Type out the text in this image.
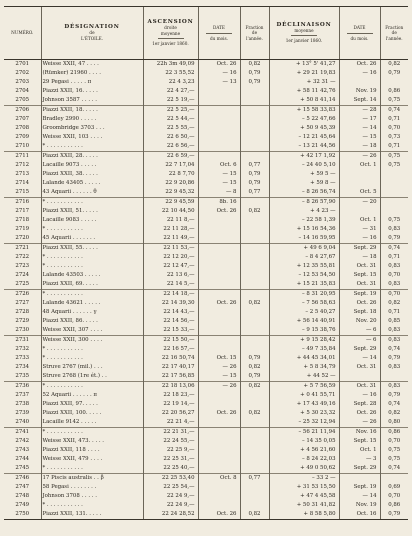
NUMÉRO.	DÉSIGNATION
de
L'ÉTOILE.	ASCENSION
droite
moyenne
1er janvier 1860.	DATE
du mois.	Fraction
de
l'année.	DÉCLINAISON
moyenne
1er janvier 1860.	DATE
du mois.	Fraction
de
l'année.

2701	Weisse XXII, 47 . . . .	22h 3m 49,09	Oct. 26	0,82	+ 13° 5' 41,27	Oct. 26	0,82
2702	(Rümker) 21960 . . . .	22 3 55,52	— 16	0,79	+ 29 21 19,83	— 16	0,79
2703	29 Pegasi . . . . . π	22 4 3,23	— 13	0,79	+ 32 31 —		
2704	Piazzi XXII, 16. . . . .	22 4 27,—			+ 58 11 42,76	Nov. 19	0,86
2705	Johnson 3587 . . . . .	22 5 19,—			+ 50 8 41,14	Sept. 14	0,75
2706	Piazzi XXII, 18. . . . .	22 5 25,—			+ 15 58 33,83	— 28	0,74
2707	Bradley 2990 . . . . .	22 5 44,—			– 5 22 47,66	— 17	0,71
2708	Groombridge 3703 . . .	22 5 55,—			+ 50 9 45,39	— 14	0,70
2709	Weisse XXII, 103 . . . .	22 6 50,—			– 12 21 45,64	— 15	0,73
2710	* . . . . . . . . . . .	22 6 56,—			– 13 21 44,56	— 18	0,71
2711	Piazzi XXII, 28. . . . .	22 6 59,—			+ 42 17 1,92	— 26	0,75
2712	Lacaille 9073 . . . . .	22 7 17,04	Oct. 6	0,77	– 24 40 5,10	Oct. 1	0,75
2713	Piazzi XXII, 38. . . . .	22 8 7,70	— 15	0,79	+ 59 5 —		
2714	Lalande 43405 . . . . .	22 9 20,86	— 15	0,79	+ 59 8 —		
2715	43 Aquarii . . . . . . θ	22 9 45,32	— 8	0,77	– 8 26 56,74	Oct. 5	
2716	* . . . . . . . . . . .	22 9 45,59	8b. 16		– 8 26 57,90	— 20	
2717	Piazzi XXII, 51. . . . .	22 10 44,50	Oct. 26	0,82	+ 4 23 —		
2718	Lacaille 9083 . . . . .	22 11 8,—			– 22 58 1,39	Oct. 1	0,75
2719	* . . . . . . . . . . .	22 11 28,—			+ 15 16 54,36	— 31	0,83
2720	45 Aquarii . . . . . . .	22 11 49,—			– 14 16 59,95	— 16	0,79
2721	Piazzi XXII, 55. . . . .	22 11 53,—			+ 49 6 9,04	Sept. 29	0,74
2722	* . . . . . . . . . . .	22 12 20,—			– 8 4 27,67	— 18	0,71
2723	* . . . . . . . . . . .	22 12 47,—			+ 12 35 55,81	Oct. 31	0,83
2724	Lalande 43503 . . . . .	22 13 6,—			– 12 53 54,50	Sept. 15	0,70
2725	Piazzi XXII, 69. . . . .	22 14 5,—			+ 15 21 35,83	Oct. 31	0,83
2726	* . . . . . . . . . . .	22 14 18,—			– 8 31 20,95	Sept. 19	0,70
2727	Lalande 43621 . . . . .	22 14 39,30	Oct. 26	0,82	– 7 56 58,63	Oct. 26	0,82
2728	48 Aquarii . . . . . . γ	22 14 43,—			– 2 5 40,27	Sept. 18	0,71
2729	Piazzi XXII, 86. . . . .	22 14 56,—			+ 56 14 40,91	Nov. 20	0,85
2730	Weisse XXII, 307 . . . .	22 15 33,—			– 9 15 38,76	— 6	0,83
2731	Weisse XXII, 300 . . . .	22 15 50,—			+ 9 15 28,42	— 6	0,83
2732	* . . . . . . . . . . .	22 16 57,—			– 49 7 35,84	Sept. 29	0,74
2733	* . . . . . . . . . . .	22 16 50,74	Oct. 15	0,79	+ 44 45 34,01	— 14	0,79
2734	Struve 2767 (mil.) . . .	22 17 40,17	— 26	0,82	+ 5 8 34,79	Oct. 31	0,83
2735	Struve 2768 (1re ét.) . .	22 17 56,85	— 15	0,79	+ 44 52 —		
2736	* . . . . . . . . . . .	22 18 13,06	— 26	0,82	+ 5 7 56,59	Oct. 31	0,83
2737	52 Aquarii . . . . . . π	22 18 23,—			+ 0 41 55,71	— 16	0,79
2738	Piazzi XXII, 97. . . . .	22 19 14,—			+ 17 43 49,16	Sept. 28	0,74
2739	Piazzi XXII, 100. . . . .	22 20 56,27	Oct. 26	0,82	+ 5 30 23,32	Oct. 26	0,82
2740	Lacaille 9142 . . . . .	22 21 4,—			– 25 32 12,94	— 26	0,80
2741	* . . . . . . . . . . .	22 21 31,—			– 56 21 11,94	Nov. 16	0,86
2742	Weisse XXII, 473. . . . .	22 24 55,—			– 14 35 0,05	Sept. 15	0,70
2743	Piazzi XXII, 118 . . . .	22 25 9,—			+ 4 56 21,60	Oct. 1	0,75
2744	Weisse XXII, 479 . . . .	22 25 31,—			– 8 24 22,03	— 3	0,75
2745	* . . . . . . . . . . .	22 25 40,—			+ 49 0 50,62	Sept. 29	0,74
2746	17 Piscis australis . . β	22 25 53,40	Oct. 8	0,77	– 33 2 —		
2747	58 Pegasi . . . . . . . .	22 25 54,—			+ 31 53 15,50	Sept. 19	0,69
2748	Johnson 3708 . . . . .	22 24 9,—			+ 47 4 45,58	— 14	0,70
2749	* . . . . . . . . . . .	22 24 9,—			+ 50 31 41,82	Nov. 19	0,86
2750	Piazzi XXII, 131. . . . .	22 24 28,52	Oct. 26	0,82	+ 8 58 5,80	Oct. 16	0,79
